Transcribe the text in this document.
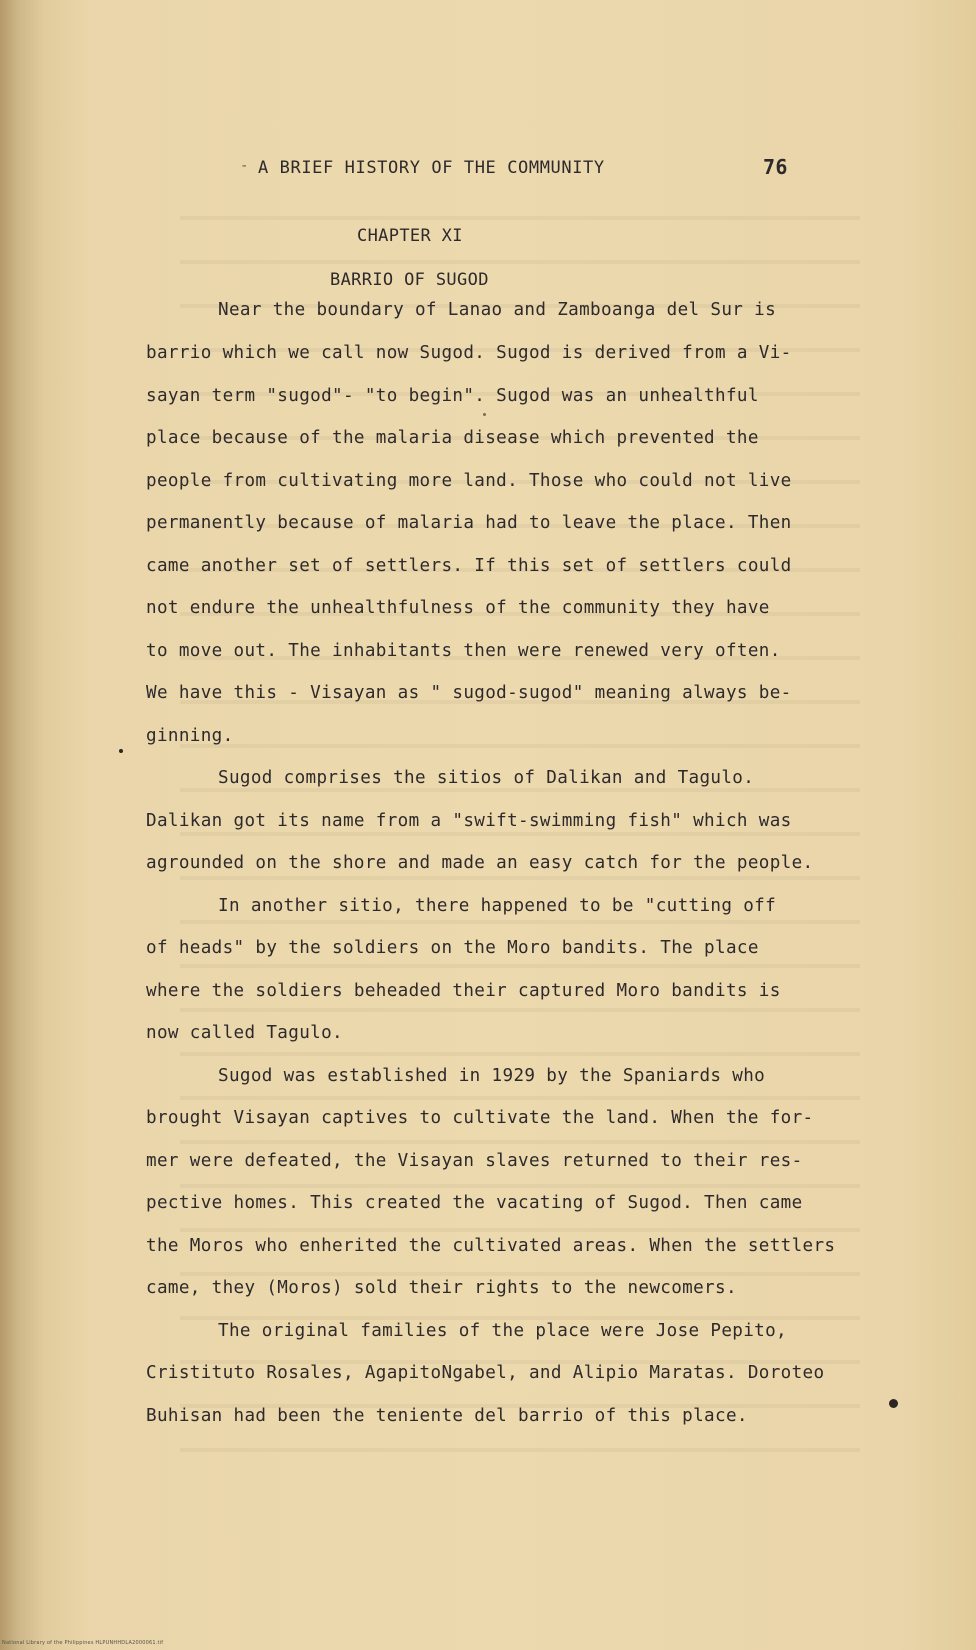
- A BRIEF HISTORY OF THE COMMUNITY	76

CHAPTER XI

BARRIO OF SUGOD

Near the boundary of Lanao and Zamboanga del Sur is

barrio which we call now Sugod. Sugod is derived from a Vi-

sayan term "sugod"- "to begin". Sugod was an unhealthful

place because of the malaria disease which prevented the

people from cultivating more land. Those who could not live

permanently because of malaria had to leave the place. Then

came another set of settlers. If this set of settlers could

not endure the unhealthfulness of the community they have

to move out. The inhabitants then were renewed very often.

We have this - Visayan as " sugod-sugod" meaning always be-

ginning.

Sugod comprises the sitios of Dalikan and Tagulo.

Dalikan got its name from a "swift-swimming fish" which was

agrounded on the shore and made an easy catch for the people.

In another sitio, there happened to be "cutting off

of heads" by the soldiers on the Moro bandits. The place

where the soldiers beheaded their captured Moro bandits is

now called Tagulo.

Sugod was established in 1929 by the Spaniards who

brought Visayan captives to cultivate the land. When the for-

mer were defeated, the Visayan slaves returned to their res-

pective homes. This created the vacating of Sugod. Then came

the Moros who enherited the cultivated areas. When the settlers

came, they (Moros) sold their rights to the newcomers.

The original families of the place were Jose Pepito,

Cristituto Rosales, AgapitoNgabel, and Alipio Maratas. Doroteo

Buhisan had been the teniente del barrio of this place.

National Library of the Philippines HLPUNHHDLA2000061.tif
